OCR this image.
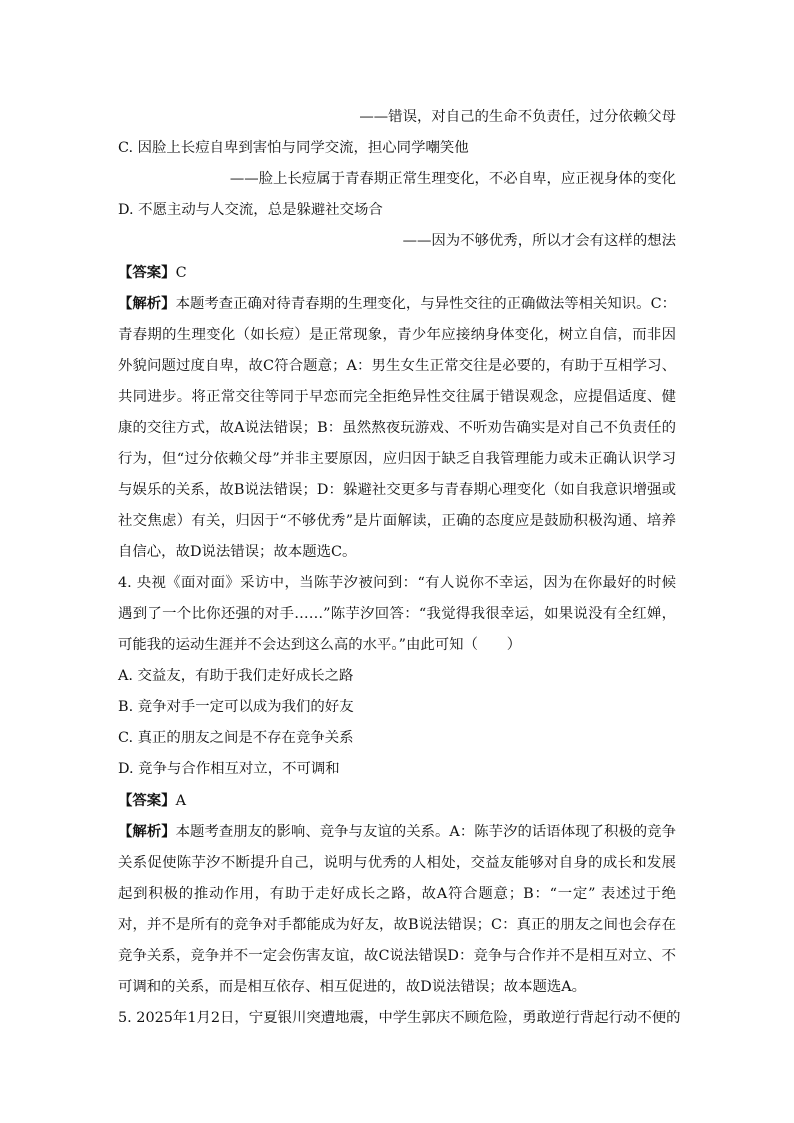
——错误，对自己的生命不负责任，过分依赖父母
C. 因脸上长痘自卑到害怕与同学交流，担心同学嘲笑他
——脸上长痘属于青春期正常生理变化，不必自卑，应正视身体的变化
D. 不愿主动与人交流，总是躲避社交场合
——因为不够优秀，所以才会有这样的想法
【答案】C
【解析】本题考查正确对待青春期的生理变化，与异性交往的正确做法等相关知识。C：青春期的生理变化（如长痘）是正常现象，青少年应接纳身体变化，树立自信，而非因外貌问题过度自卑，故C符合题意；A：男生女生正常交往是必要的，有助于互相学习、共同进步。将正常交往等同于早恋而完全拒绝异性交往属于错误观念，应提倡适度、健康的交往方式，故A说法错误；B：虽然熬夜玩游戏、不听劝告确实是对自己不负责任的行为，但“过分依赖父母”并非主要原因，应归因于缺乏自我管理能力或未正确认识学习与娱乐的关系，故B说法错误；D：躲避社交更多与青春期心理变化（如自我意识增强或社交焦虑）有关，归因于“不够优秀”是片面解读，正确的态度应是鼓励积极沟通、培养自信心，故D说法错误；故本题选C。
4. 央视《面对面》采访中，当陈芋汐被问到：“有人说你不幸运，因为在你最好的时候遇到了一个比你还强的对手……”陈芋汐回答：“我觉得我很幸运，如果说没有全红婵，可能我的运动生涯并不会达到这么高的水平。”由此可知（　　）
A. 交益友，有助于我们走好成长之路
B. 竞争对手一定可以成为我们的好友
C. 真正的朋友之间是不存在竞争关系
D. 竞争与合作相互对立，不可调和
【答案】A
【解析】本题考查朋友的影响、竞争与友谊的关系。A：陈芋汐的话语体现了积极的竞争关系促使陈芋汐不断提升自己，说明与优秀的人相处，交益友能够对自身的成长和发展起到积极的推动作用，有助于走好成长之路，故A符合题意；B：“一定” 表述过于绝对，并不是所有的竞争对手都能成为好友，故B说法错误；C：真正的朋友之间也会存在竞争关系，竞争并不一定会伤害友谊，故C说法错误D：竞争与合作并不是相互对立、不可调和的关系，而是相互依存、相互促进的，故D说法错误；故本题选A。
5. 2025年1月2日，宁夏银川突遭地震，中学生郭庆不顾危险，勇敢逆行背起行动不便的
